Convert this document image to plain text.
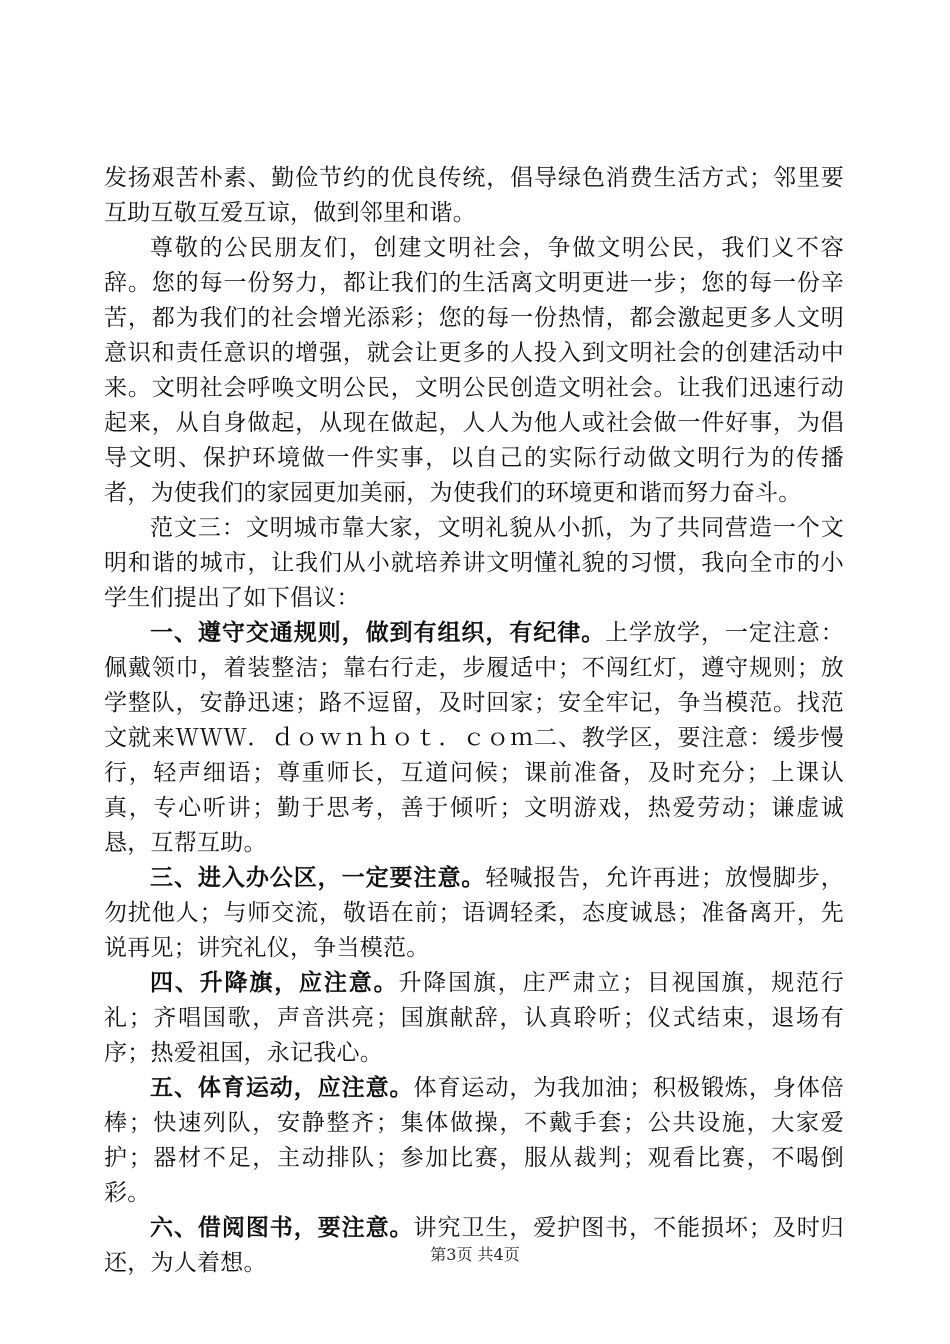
发扬艰苦朴素、勤俭节约的优良传统，倡导绿色消费生活方式；邻里要互助互敬互爱互谅，做到邻里和谐。

尊敬的公民朋友们，创建文明社会，争做文明公民，我们义不容辞。您的每一份努力，都让我们的生活离文明更进一步；您的每一份辛苦，都为我们的社会增光添彩；您的每一份热情，都会激起更多人文明意识和责任意识的增强，就会让更多的人投入到文明社会的创建活动中来。文明社会呼唤文明公民，文明公民创造文明社会。让我们迅速行动起来，从自身做起，从现在做起，人人为他人或社会做一件好事，为倡导文明、保护环境做一件实事，以自己的实际行动做文明行为的传播者，为使我们的家园更加美丽，为使我们的环境更和谐而努力奋斗。

范文三：文明城市靠大家，文明礼貌从小抓，为了共同营造一个文明和谐的城市，让我们从小就培养讲文明懂礼貌的习惯，我向全市的小学生们提出了如下倡议：

一、遵守交通规则，做到有组织，有纪律。上学放学，一定注意：佩戴领巾，着装整洁；靠右行走，步履适中；不闯红灯，遵守规则；放学整队，安静迅速；路不逗留，及时回家；安全牢记，争当模范。找范文就来ＷＷＷ．ｄｏｗｎｈｏｔ．ｃｏｍ二、教学区，要注意：缓步慢行，轻声细语；尊重师长，互道问候；课前准备，及时充分；上课认真，专心听讲；勤于思考，善于倾听；文明游戏，热爱劳动；谦虚诚恳，互帮互助。

三、进入办公区，一定要注意。轻喊报告，允许再进；放慢脚步，勿扰他人；与师交流，敬语在前；语调轻柔，态度诚恳；准备离开，先说再见；讲究礼仪，争当模范。

四、升降旗，应注意。升降国旗，庄严肃立；目视国旗，规范行礼；齐唱国歌，声音洪亮；国旗献辞，认真聆听；仪式结束，退场有序；热爱祖国，永记我心。

五、体育运动，应注意。体育运动，为我加油；积极锻炼，身体倍棒；快速列队，安静整齐；集体做操，不戴手套；公共设施，大家爱护；器材不足，主动排队；参加比赛，服从裁判；观看比赛，不喝倒彩。

六、借阅图书，要注意。讲究卫生，爱护图书，不能损坏；及时归还，为人着想。	第3页 共4页
